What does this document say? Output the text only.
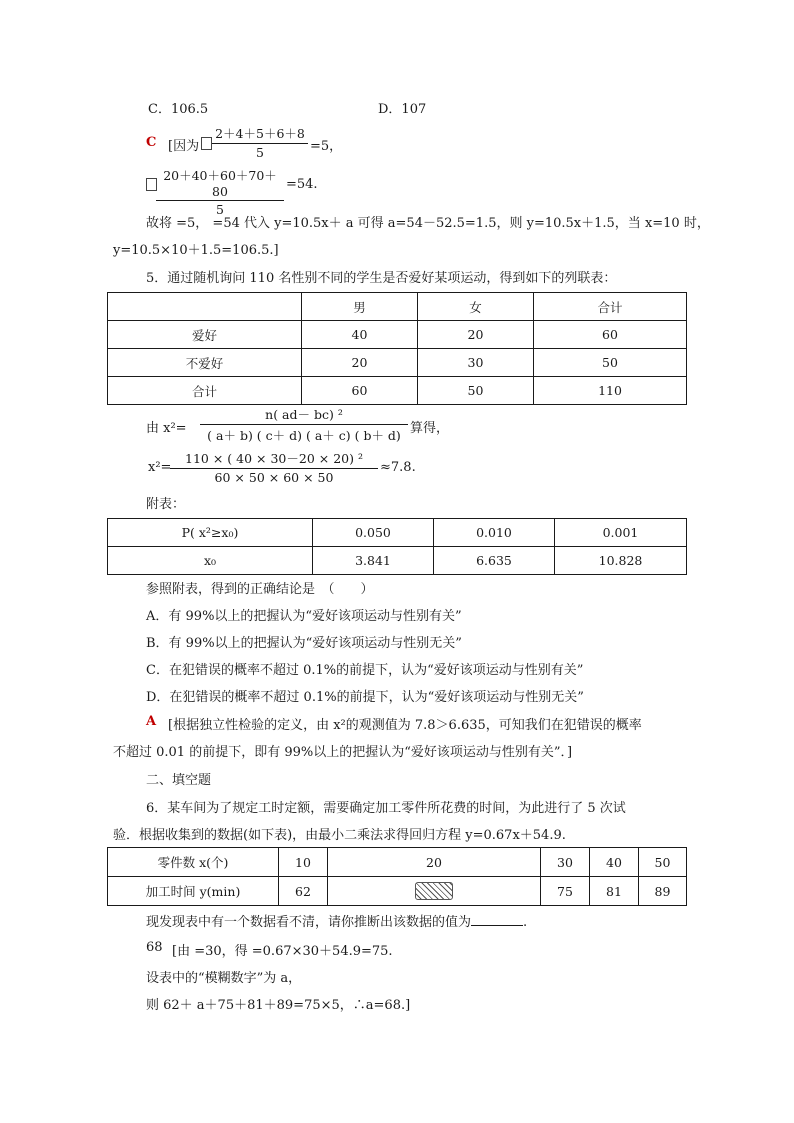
C．106.5	D．107
C [因为 $\frac{2+4+5+6+8}{5} =5$，
$\frac{20+40+60+70+80}{5} =54$.
故将 =5， =54 代入 y=10.5x＋ a 可得 a=54－52.5=1.5，则 y=10.5x＋1.5，当 x=10 时，
y=10.5×10＋1.5=106.5.]
5．通过随机询问 110 名性别不同的学生是否爱好某项运动，得到如下的列联表：
	男	女	合计
爱好	40	20	60
不爱好	20	30	50
合计	60	50	110
由 $x^2= \frac{\text{n( ad－ bc) ²}}{( a+ b) ( c+ d) ( a+ c) ( b+ d)}$ 算得，
x²=
$\frac{\text{110 × ( 40 × 30－20 × 20) ²}}{60 \times 50 \times 60 \times 50} \approx 7.8$.
附表：
P( x²≥x₀)	0.050	0.010	0.001
x₀	3.841	6.635	10.828
参照附表，得到的正确结论是　（　　）
A．有 99%以上的把握认为“爱好该项运动与性别有关”
B．有 99%以上的把握认为“爱好该项运动与性别无关”
C．在犯错误的概率不超过 0.1%的前提下，认为“爱好该项运动与性别有关”
D．在犯错误的概率不超过 0.1%的前提下，认为“爱好该项运动与性别无关”
A [根据独立性检验的定义，由 x²的观测值为 7.8＞6.635，可知我们在犯错误的概率
不超过 0.01 的前提下，即有 99%以上的把握认为“爱好该项运动与性别有关”．]
二、填空题
6．某车间为了规定工时定额，需要确定加工零件所花费的时间，为此进行了 5 次试
验．根据收集到的数据(如下表)，由最小二乘法求得回归方程 y=0.67x＋54.9.
零件数 x(个)	10	20	30	40	50
加工时间 y(min)	62		75	81	89
现发现表中有一个数据看不清，请你推断出该数据的值为	.
68 [由 =30，得 =0.67×30＋54.9=75.
设表中的“模糊数字”为 a，
则 62＋ a＋75＋81＋89=75×5，∴a=68.]
